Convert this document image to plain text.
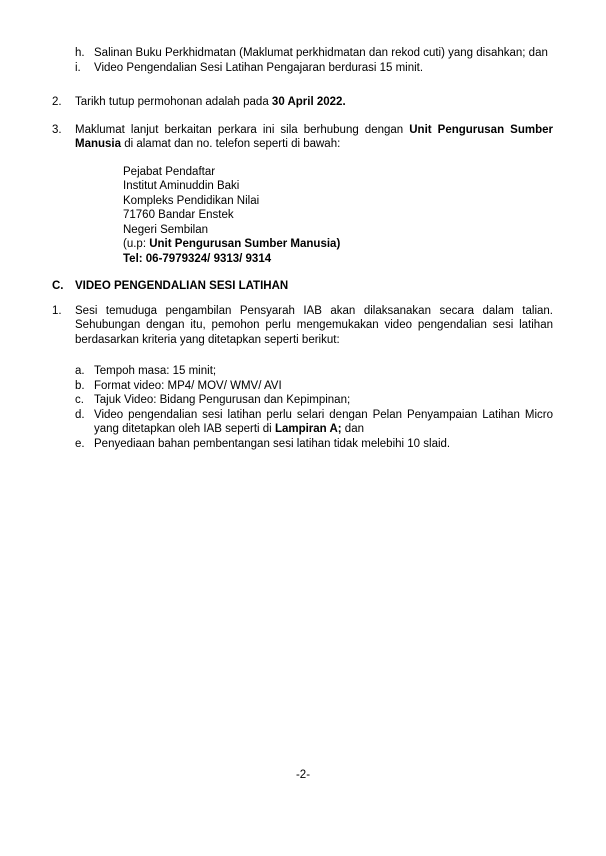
h. Salinan Buku Perkhidmatan (Maklumat perkhidmatan dan rekod cuti) yang disahkan; dan
i.	Video Pengendalian Sesi Latihan Pengajaran berdurasi 15 minit.
2.	Tarikh tutup permohonan adalah pada 30 April 2022.
3.	Maklumat lanjut berkaitan perkara ini sila berhubung dengan Unit Pengurusan Sumber Manusia di alamat dan no. telefon seperti di bawah:
Pejabat Pendaftar
Institut Aminuddin Baki
Kompleks Pendidikan Nilai
71760 Bandar Enstek
Negeri Sembilan
(u.p: Unit Pengurusan Sumber Manusia)
Tel: 06-7979324/ 9313/ 9314
C.	VIDEO PENGENDALIAN SESI LATIHAN
1.	Sesi temuduga pengambilan Pensyarah IAB akan dilaksanakan secara dalam talian. Sehubungan dengan itu, pemohon perlu mengemukakan video pengendalian sesi latihan berdasarkan kriteria yang ditetapkan seperti berikut:
a. Tempoh masa: 15 minit;
b. Format video: MP4/ MOV/ WMV/ AVI
c. Tajuk Video: Bidang Pengurusan dan Kepimpinan;
d. Video pengendalian sesi latihan perlu selari dengan Pelan Penyampaian Latihan Micro yang ditetapkan oleh IAB seperti di Lampiran A; dan
e. Penyediaan bahan pembentangan sesi latihan tidak melebihi 10 slaid.
-2-
